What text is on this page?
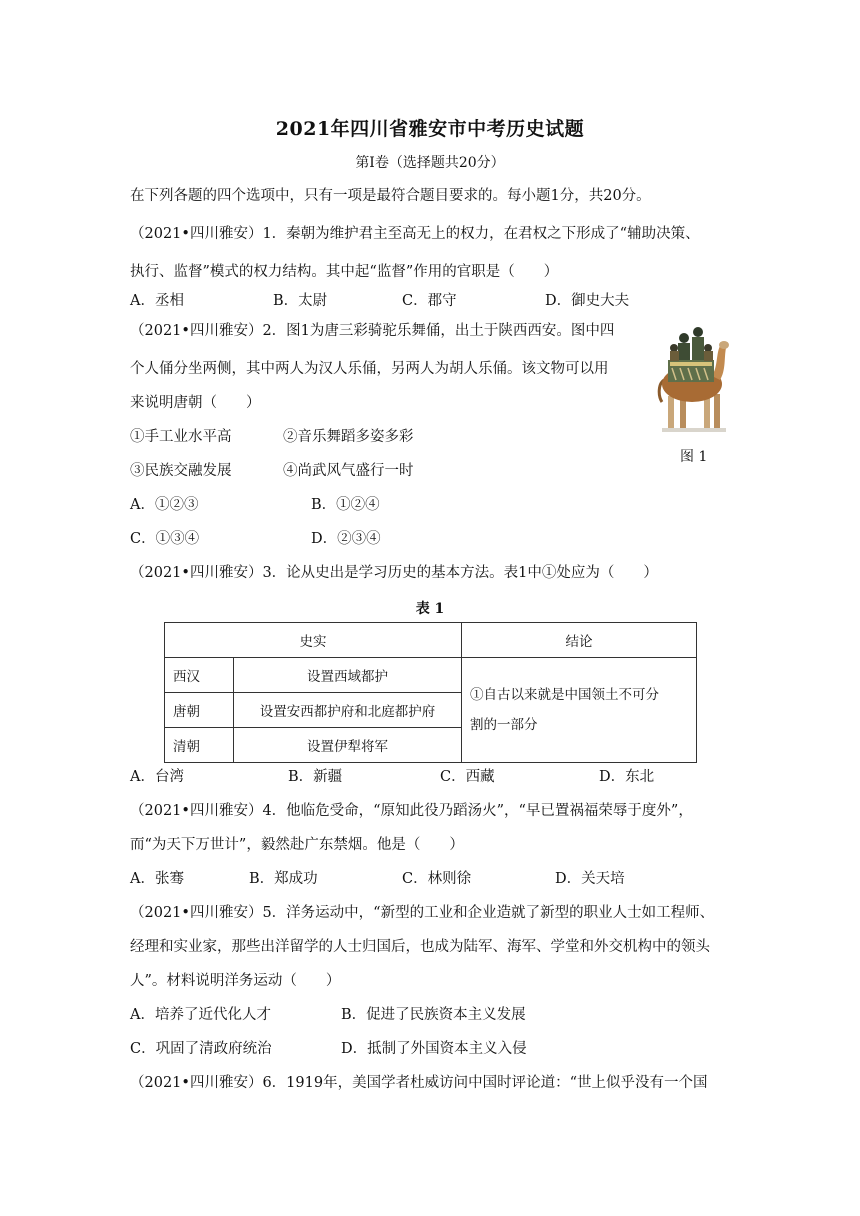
2021年四川省雅安市中考历史试题
第Ⅰ卷（选择题共20分）
在下列各题的四个选项中，只有一项是最符合题目要求的。每小题1分，共20分。
（2021•四川雅安）1．秦朝为维护君主至高无上的权力，在君权之下形成了“辅助决策、
执行、监督”模式的权力结构。其中起“监督”作用的官职是（　　）
A．丞相	B．太尉	C．郡守	D．御史大夫
（2021•四川雅安）2．图1为唐三彩骑驼乐舞俑，出土于陕西西安。图中四
个人俑分坐两侧，其中两人为汉人乐俑，另两人为胡人乐俑。该文物可以用
来说明唐朝（　　）
①手工业水平高	②音乐舞蹈多姿多彩
③民族交融发展	④尚武风气盛行一时
A．①②③	B．①②④
C．①③④	D．②③④
图 1
（2021•四川雅安）3．论从史出是学习历史的基本方法。表1中①处应为（　　）
表 1
史实		结论
西汉	设置西域都护	①自古以来就是中国领土不可分
割的一部分

唐朝	设置安西都护府和北庭都护府	
清朝	设置伊犁将军	
A．台湾	B．新疆	C．西藏	D．东北
（2021•四川雅安）4．他临危受命，“原知此役乃蹈汤火”，“早已置祸福荣辱于度外”，
而“为天下万世计”，毅然赴广东禁烟。他是（　　）
A．张骞	B．郑成功	C．林则徐	D．关天培
（2021•四川雅安）5．洋务运动中，“新型的工业和企业造就了新型的职业人士如工程师、
经理和实业家，那些出洋留学的人士归国后，也成为陆军、海军、学堂和外交机构中的领头
人”。材料说明洋务运动（　　）
A．培养了近代化人才	B．促进了民族资本主义发展
C．巩固了清政府统治	D．抵制了外国资本主义入侵
（2021•四川雅安）6．1919年，美国学者杜威访问中国时评论道：“世上似乎没有一个国
